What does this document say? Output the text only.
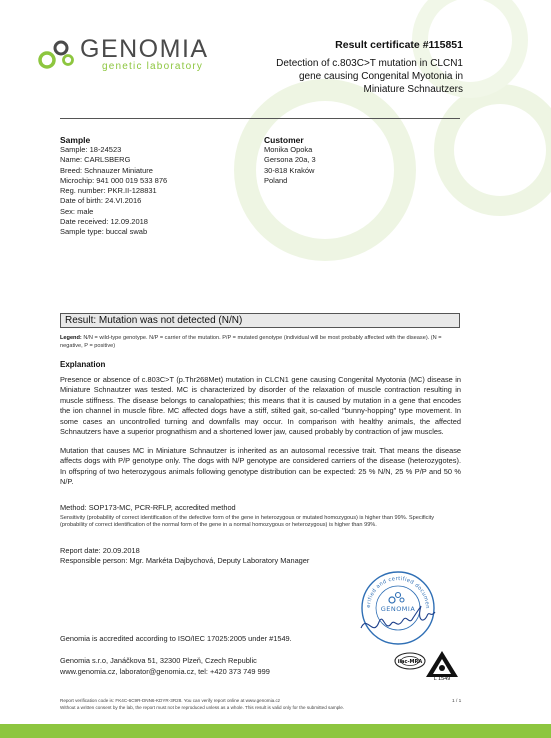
GENOMIA
genetic laboratory
Result certificate #115851
Detection of c.803C>T mutation in CLCN1
gene causing Congenital Myotonia in
Miniature Schnautzers
Sample
Sample: 18-24523
Name: CARLSBERG
Breed: Schnauzer Miniature
Microchip: 941 000 019 533 876
Reg. number: PKR.II-128831
Date of birth: 24.VI.2016
Sex: male
Date received: 12.09.2018
Sample type: buccal swab
Customer
Monika Opoka
Gersona 20a, 3
30-818 Kraków
Poland
Result: Mutation was not detected (N/N)
Legend: N/N = wild-type genotype. N/P = carrier of the mutation. P/P = mutated genotype (individual will be most probably affected with the disease). (N = negative, P = positive)
Explanation
Presence or absence of c.803C>T (p.Thr268Met) mutation in CLCN1 gene causing Congenital Myotonia (MC) disease in Miniature Schnautzer was tested. MC is characterized by disorder of the relaxation of muscle contraction resulting in muscle stiffness. The disease belongs to canalopathies; this means that it is caused by mutation in a gene that encodes the ion channel in muscle fibre. MC affected dogs have a stiff, stilted gait, so-called "bunny-hopping" type movement. In some cases an uncontrolled turning and downfalls may occur. In comparison with healthy animals, the affected Schnautzers have a superior prognathism and a shortened lower jaw, caused probably by contraction of jaw muscles.
Mutation that causes MC in Miniature Schnautzer is inherited as an autosomal recessive trait. That means the disease affects dogs with P/P genotype only. The dogs with N/P genotype are considered carriers of the disease (heterozygotes). In offspring of two heterozygous animals following genotype distribution can be expected: 25 % N/N, 25 % P/P and 50 % N/P.
Method: SOP173-MC, PCR-RFLP, accredited method
Sensitivity (probability of correct identification of the defective form of the gene in heterozygous or mutated homozygous) is higher than 99%. Specificity (probability of correct identification of the normal form of the gene in a normal homozygous or heterozygous) is higher than 99%.
Report date: 20.09.2018
Responsible person: Mgr. Markéta Dajbychová, Deputy Laboratory Manager
erified and certified documen
GENOMIA
Genomia is accredited according to ISO/IEC 17025:2005 under #1549.
Genomia s.r.o, Janáčkova 51, 32300 Plzeň, Czech Republic
www.genomia.cz, laborator@genomia.cz, tel: +420 373 749 999
ilac-MRA
L 1549
Report verification code is: FK4C-6C9R-DNN6-KDYR-3R28. You can verify report online at www.genomia.cz
Without a written consent by the lab, the report must not be reproduced unless as a whole. This result is valid only for the submitted sample.
1 / 1
